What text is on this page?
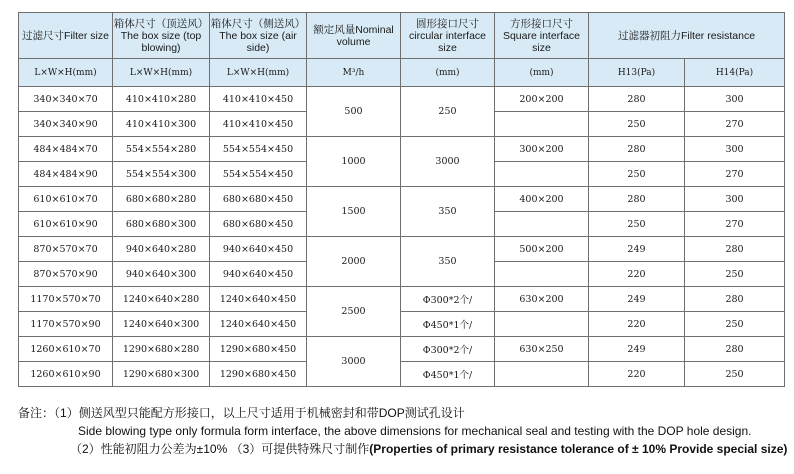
过滤尺寸Filter size	箱体尺寸（顶送风）The box size (top blowing)	箱体尺寸（侧送风）The box size (air side)	额定风量Nominal volume	圆形接口尺寸 circular interface size	方形接口尺寸Square interface size	过滤器初阻力Filter resistance	
L×W×H(mm)	L×W×H(mm)	L×W×H(mm)	M³/h	(mm)	(mm)	H13(Pa)	H14(Pa)
340×340×70	410×410×280	410×410×450	500	250	200×200	280	300
340×340×90	410×410×300	410×410×450				250	270
484×484×70	554×554×280	554×554×450	1000	3000	300×200	280	300
484×484×90	554×554×300	554×554×450				250	270
610×610×70	680×680×280	680×680×450	1500	350	400×200	280	300
610×610×90	680×680×300	680×680×450				250	270
870×570×70	940×640×280	940×640×450	2000	350	500×200	249	280
870×570×90	940×640×300	940×640×450				220	250
1170×570×70	1240×640×280	1240×640×450	2500	Φ300*2个/	630×200	249	280
1170×570×90	1240×640×300	1240×640×450		Φ450*1个/		220	250
1260×610×70	1290×680×280	1290×680×450	3000	Φ300*2个/	630×250	249	280
1260×610×90	1290×680×300	1290×680×450		Φ450*1个/		220	250
备注：（1）侧送风型只能配方形接口，以上尺寸适用于机械密封和带DOP测试孔设计
Side blowing type only formula form interface, the above dimensions for mechanical seal and testing with the DOP hole design.
（2）性能初阻力公差为±10% （3）可提供特殊尺寸制作(Properties of primary resistance tolerance of ± 10% Provide special size)
